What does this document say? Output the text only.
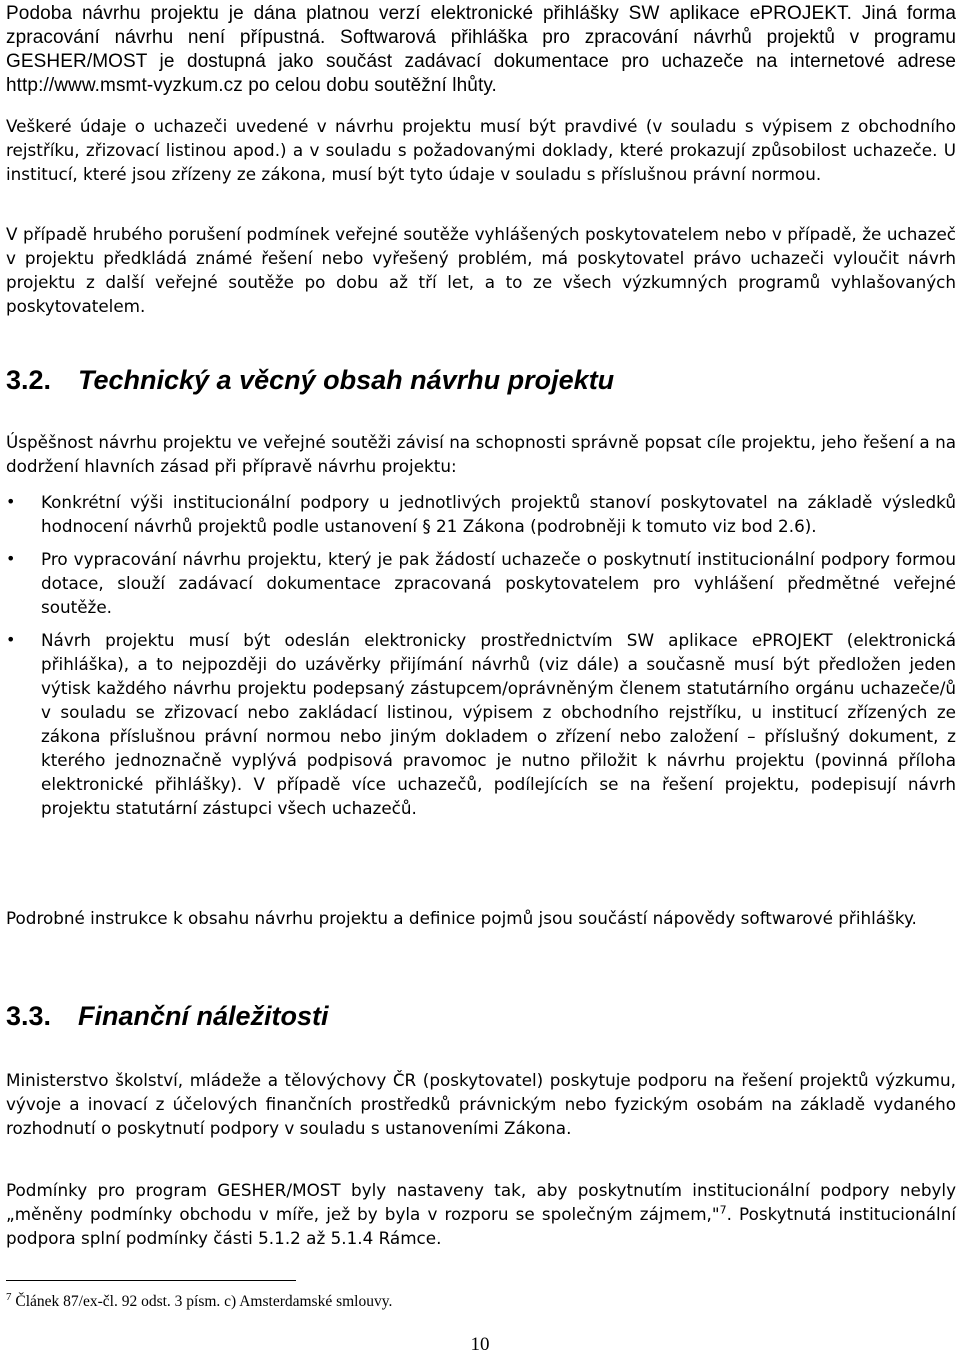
Podoba návrhu projektu je dána platnou verzí elektronické přihlášky SW aplikace ePROJEKT. Jiná forma zpracování návrhu není přípustná. Softwarová přihláška pro zpracování návrhů projektů v programu GESHER/MOST je dostupná jako součást zadávací dokumentace pro uchazeče na internetové adrese http://www.msmt-vyzkum.cz po celou dobu soutěžní lhůty.

Veškeré údaje o uchazeči uvedené v návrhu projektu musí být pravdivé (v souladu s výpisem z obchodního rejstříku, zřizovací listinou apod.) a v souladu s požadovanými doklady, které prokazují způsobilost uchazeče. U institucí, které jsou zřízeny ze zákona, musí být tyto údaje v souladu s příslušnou právní normou.

V případě hrubého porušení podmínek veřejné soutěže vyhlášených poskytovatelem nebo v případě, že uchazeč v projektu předkládá známé řešení nebo vyřešený problém, má poskytovatel právo uchazeči vyloučit návrh projektu z další veřejné soutěže po dobu až tří let, a to ze všech výzkumných programů vyhlašovaných poskytovatelem.

3.2. Technický a věcný obsah návrhu projektu

Úspěšnost návrhu projektu ve veřejné soutěži závisí na schopnosti správně popsat cíle projektu, jeho řešení a na dodržení hlavních zásad při přípravě návrhu projektu:

• Konkrétní výši institucionální podpory u jednotlivých projektů stanoví poskytovatel na základě výsledků hodnocení návrhů projektů podle ustanovení § 21 Zákona (podrobněji k tomuto viz bod 2.6).
• Pro vypracování návrhu projektu, který je pak žádostí uchazeče o poskytnutí institucionální podpory formou dotace, slouží zadávací dokumentace zpracovaná poskytovatelem pro vyhlášení předmětné veřejné soutěže.
• Návrh projektu musí být odeslán elektronicky prostřednictvím SW aplikace ePROJEKT (elektronická přihláška), a to nejpozději do uzávěrky přijímání návrhů (viz dále) a současně musí být předložen jeden výtisk každého návrhu projektu podepsaný zástupcem/oprávněným členem statutárního orgánu uchazeče/ů v souladu se zřizovací nebo zakládací listinou, výpisem z obchodního rejstříku, u institucí zřízených ze zákona příslušnou právní normou nebo jiným dokladem o zřízení nebo založení – příslušný dokument, z kterého jednoznačně vyplývá podpisová pravomoc je nutno přiložit k návrhu projektu (povinná příloha elektronické přihlášky). V případě více uchazečů, podílejících se na řešení projektu, podepisují návrh projektu statutární zástupci všech uchazečů.

Podrobné instrukce k obsahu návrhu projektu a definice pojmů jsou součástí nápovědy softwarové přihlášky.

3.3. Finanční náležitosti

Ministerstvo školství, mládeže a tělovýchovy ČR (poskytovatel) poskytuje podporu na řešení projektů výzkumu, vývoje a inovací z účelových finančních prostředků právnickým nebo fyzickým osobám na základě vydaného rozhodnutí o poskytnutí podpory v souladu s ustanoveními Zákona.

Podmínky pro program GESHER/MOST byly nastaveny tak, aby poskytnutím institucionální podpory nebyly „měněny podmínky obchodu v míře, jež by byla v rozporu se společným zájmem,"$^7$. Poskytnutá institucionální podpora splní podmínky části 5.1.2 až 5.1.4 Rámce.

$^7$ Článek 87/ex-čl. 92 odst. 3 písm. c) Amsterdamské smlouvy.
10
